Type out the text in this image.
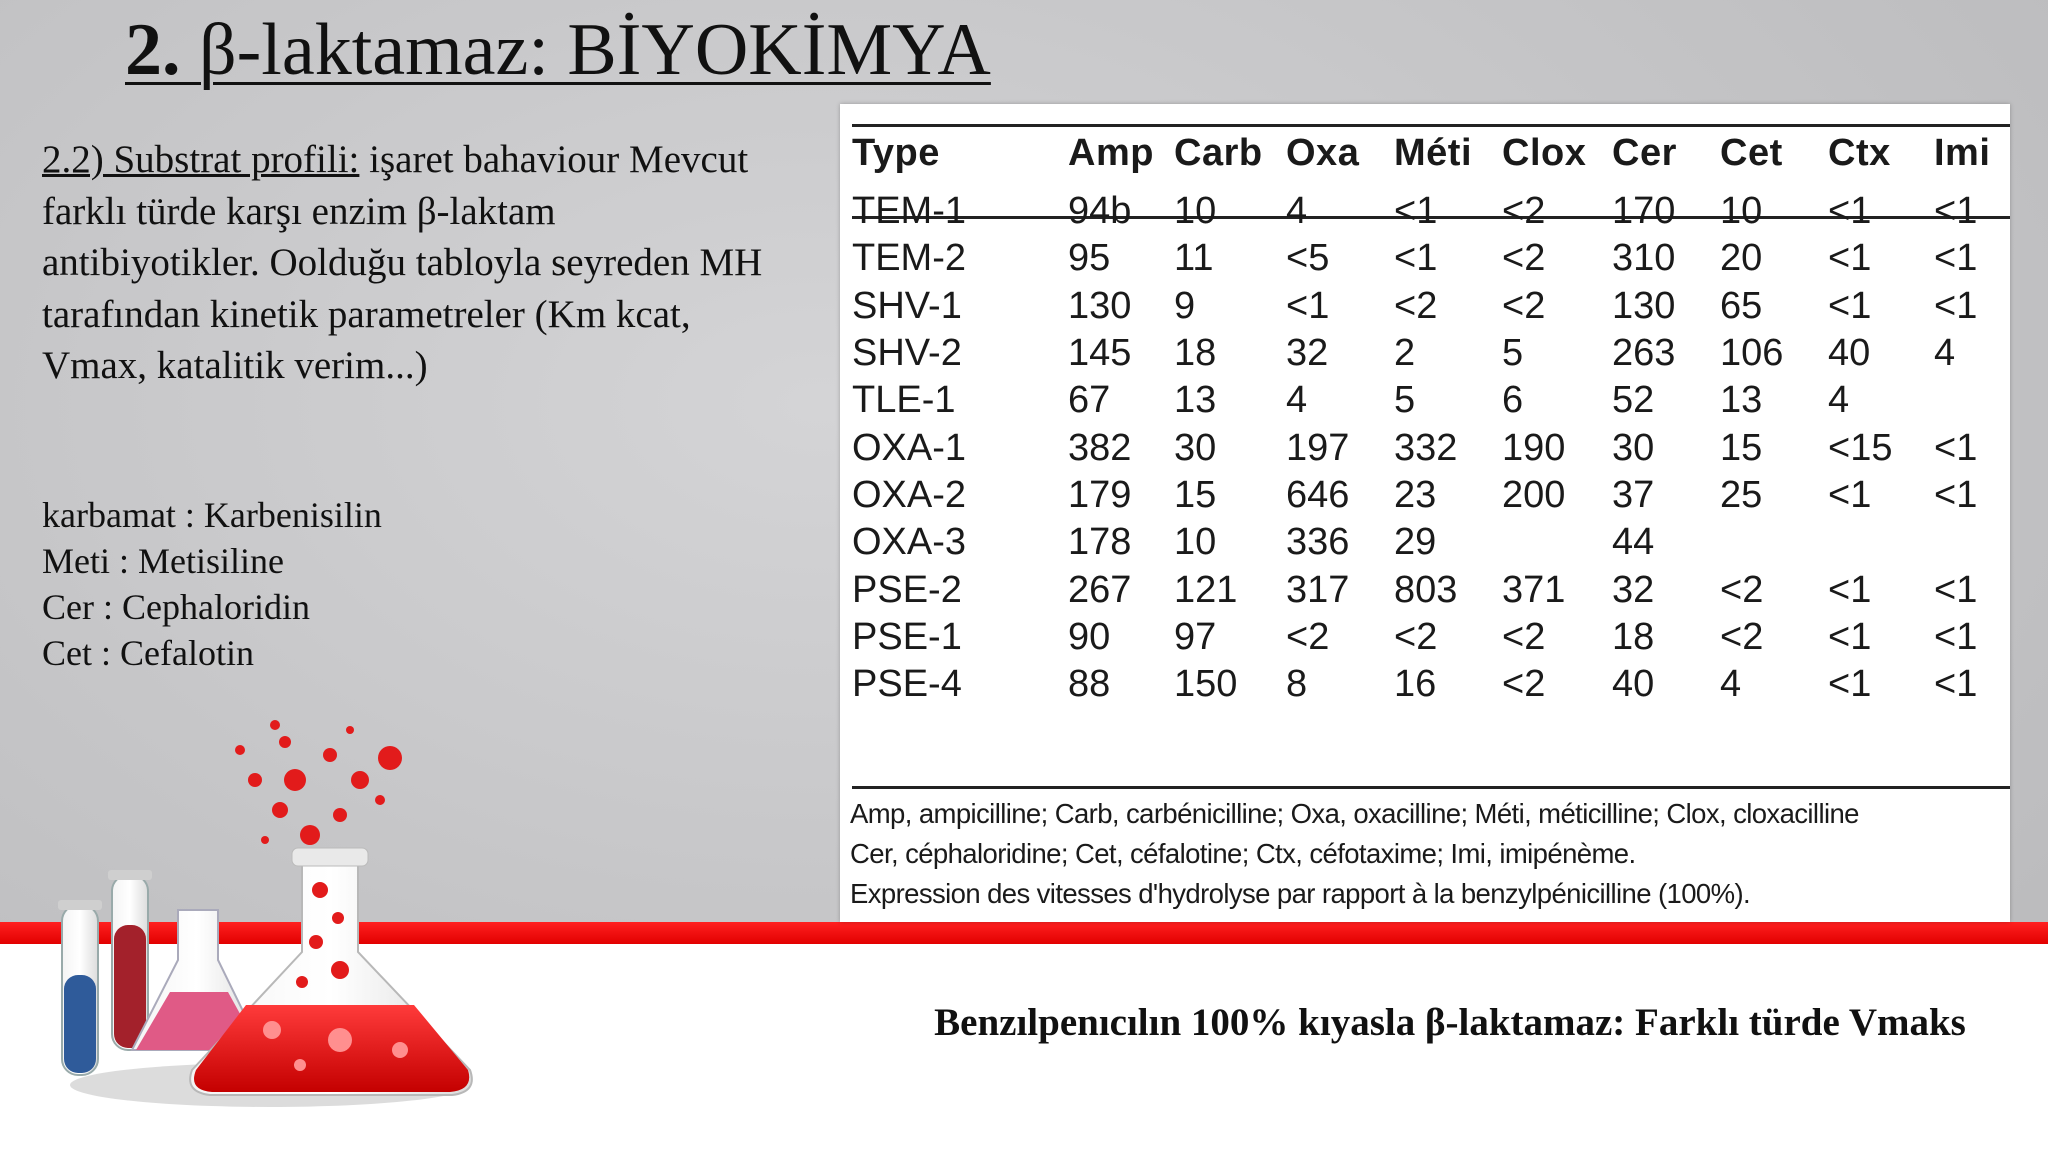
2. β-laktamaz: BİYOKİMYA
2.2) Substrat profili: işaret bahaviour Mevcut farklı türde karşı enzim β-laktam antibiyotikler. Oolduğu tabloyla seyreden MH tarafından kinetik parametreler (Km kcat, Vmax, katalitik verim...)
karbamat : Karbenisilin
Meti : Metisiline
Cer : Cephaloridin
Cet : Cefalotin
Type	Amp	Carb	Oxa	Méti	Clox	Cer	Cet	Ctx	Imi
TEM-1	94b	10	4	<1	<2	170	10	<1	<1
TEM-2	95	11	<5	<1	<2	310	20	<1	<1
SHV-1	130	9	<1	<2	<2	130	65	<1	<1
SHV-2	145	18	32	2	5	263	106	40	4
TLE-1	67	13	4	5	6	52	13	4	
OXA-1	382	30	197	332	190	30	15	<15	<1
OXA-2	179	15	646	23	200	37	25	<1	<1
OXA-3	178	10	336	29		44			
PSE-2	267	121	317	803	371	32	<2	<1	<1
PSE-1	90	97	<2	<2	<2	18	<2	<1	<1
PSE-4	88	150	8	16	<2	40	4	<1	<1
Amp, ampicilline; Carb, carbénicilline; Oxa, oxacilline; Méti, méticilline; Clox, cloxacilline
Cer, céphaloridine; Cet, céfalotine; Ctx, céfotaxime; Imi, imipénème.
Expression des vitesses d'hydrolyse par rapport à la benzylpénicilline (100%).
Benzılpenıcılın 100% kıyasla β-laktamaz: Farklı türde Vmaks
